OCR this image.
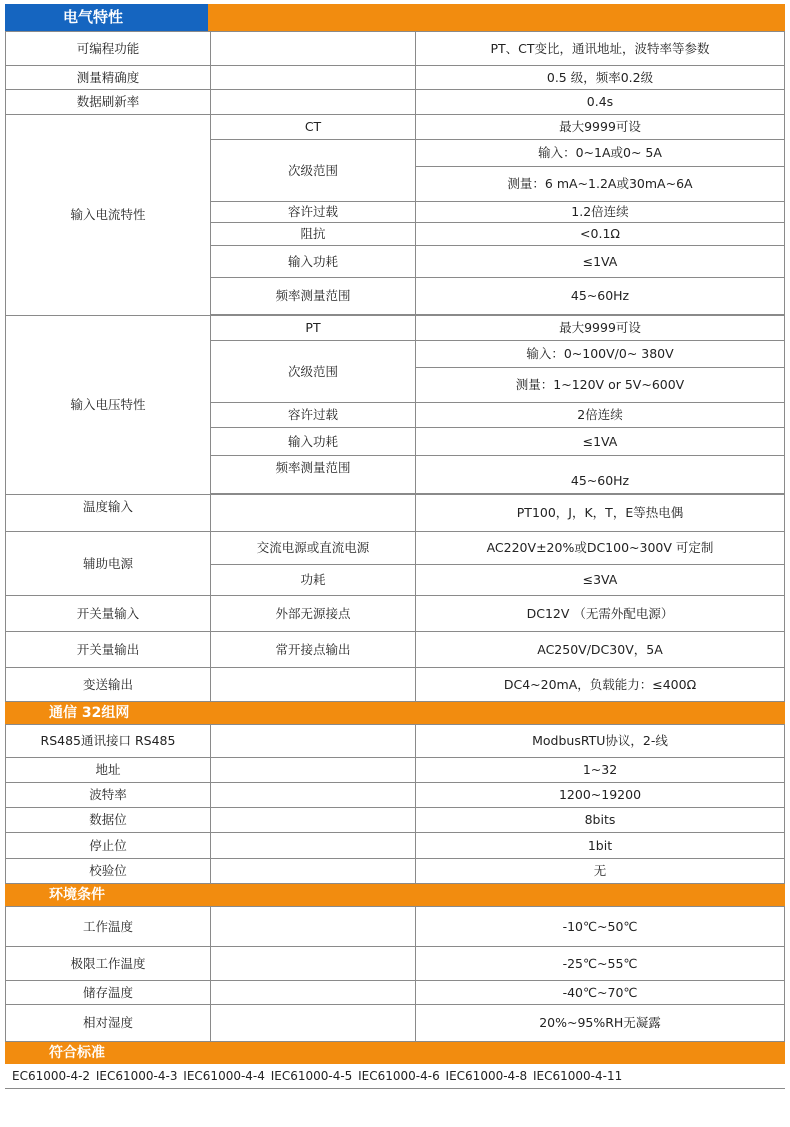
电气特性
可编程功能		PT、CT变比，通讯地址，波特率等参数
测量精确度		0.5 级，频率0.2级
数据刷新率		0.4s
输入电流特性	CT	最大9999可设
	次级范围	输入：0~1A或0~ 5A
		测量：6 mA~1.2A或30mA~6A
	容许过载	1.2倍连续
	阻抗	<0.1Ω
	输入功耗	≤1VA
	频率测量范围	45~60Hz

输入电压特性	PT	最大9999可设
	次级范围	输入：0~100V/0~ 380V
		测量：1~120V or 5V~600V
	容许过载	2倍连续
	输入功耗	≤1VA
	频率测量范围	45~60Hz

温度输入		PT100，J，K，T，E等热电偶
辅助电源	交流电源或直流电源	AC220V±20%或DC100~300V 可定制
	功耗	≤3VA
开关量输入	外部无源接点	DC12V （无需外配电源）
开关量输出	常开接点输出	AC250V/DC30V，5A
变送输出		DC4~20mA，负载能力：≤400Ω
通信 32组网
RS485通讯接口 RS485		ModbusRTU协议，2-线
地址		1~32
波特率		1200~19200
数据位		8bits
停止位		1bit
校验位		无
环境条件
工作温度		-10℃~50℃
极限工作温度		-25℃~55℃
储存温度		-40℃~70℃
相对湿度		20%~95%RH无凝露
符合标准
EC61000-4-2 IEC61000-4-3 IEC61000-4-4 IEC61000-4-5 IEC61000-4-6 IEC61000-4-8 IEC61000-4-11
